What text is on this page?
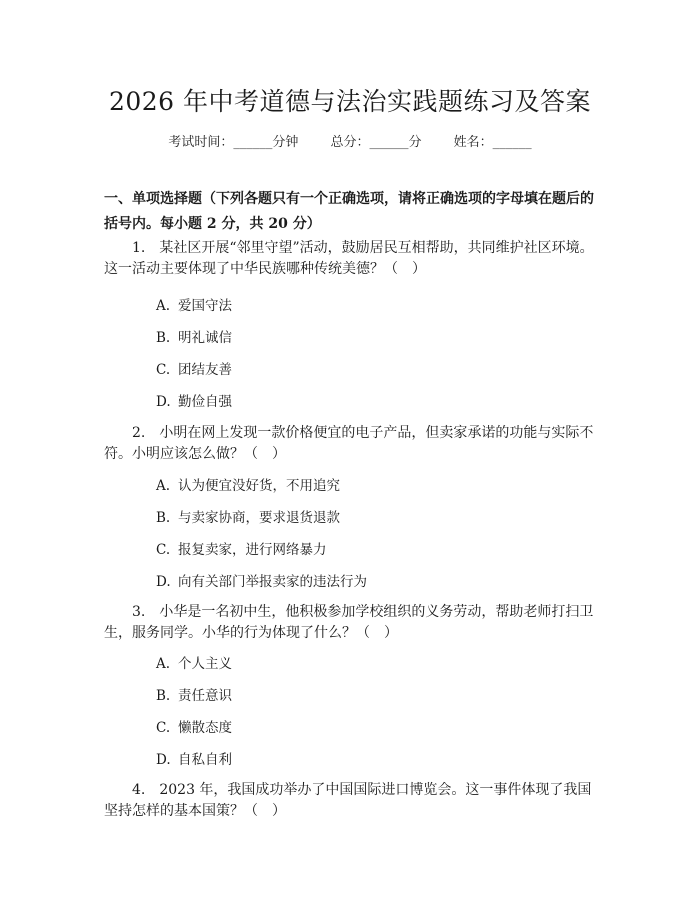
2026 年中考道德与法治实践题练习及答案
考试时间：______分钟 总分：______分 姓名：______

一、单项选择题（下列各题只有一个正确选项，请将正确选项的字母填在题后的括号内。每小题 2 分，共 20 分）

1.　某社区开展“邻里守望”活动，鼓励居民互相帮助，共同维护社区环境。这一活动主要体现了中华民族哪种传统美德？（　）

A. 爱国守法

B. 明礼诚信

C. 团结友善

D. 勤俭自强

2.　小明在网上发现一款价格便宜的电子产品，但卖家承诺的功能与实际不符。小明应该怎么做？（　）

A. 认为便宜没好货，不用追究

B. 与卖家协商，要求退货退款

C. 报复卖家，进行网络暴力

D. 向有关部门举报卖家的违法行为

3.　小华是一名初中生，他积极参加学校组织的义务劳动，帮助老师打扫卫生，服务同学。小华的行为体现了什么？（　）

A. 个人主义

B. 责任意识

C. 懒散态度

D. 自私自利

4.　2023 年，我国成功举办了中国国际进口博览会。这一事件体现了我国坚持怎样的基本国策？（　）
